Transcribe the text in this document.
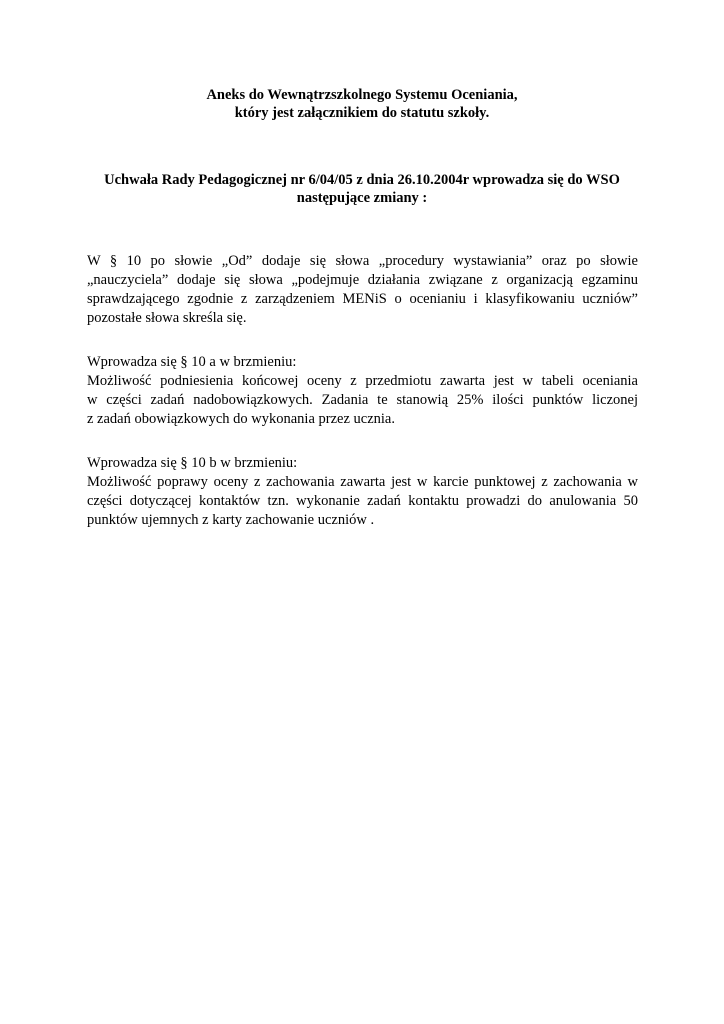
Aneks do Wewnątrzszkolnego Systemu Oceniania,
który jest załącznikiem do statutu szkoły.
Uchwała Rady Pedagogicznej nr 6/04/05 z dnia 26.10.2004r wprowadza się do WSO
następujące zmiany :
W § 10 po słowie „Od” dodaje się słowa „procedury wystawiania” oraz po słowie
„nauczyciela” dodaje się słowa „podejmuje działania związane z organizacją egzaminu
sprawdzającego zgodnie z zarządzeniem MENiS o ocenianiu i klasyfikowaniu uczniów”
pozostałe słowa skreśla się.
Wprowadza się § 10 a w brzmieniu:
Możliwość podniesienia końcowej oceny z przedmiotu zawarta jest w tabeli oceniania
w części zadań nadobowiązkowych. Zadania te stanowią 25% ilości punktów liczonej
z zadań obowiązkowych do wykonania przez uczniа.
Wprowadza się § 10 b w brzmieniu:
Możliwość poprawy oceny z zachowania zawarta jest w karcie punktowej z zachowania w
części dotyczącej kontaktów tzn. wykonanie zadań kontaktu prowadzi do anulowania 50
punktów ujemnych z karty zachowanie uczniów .
